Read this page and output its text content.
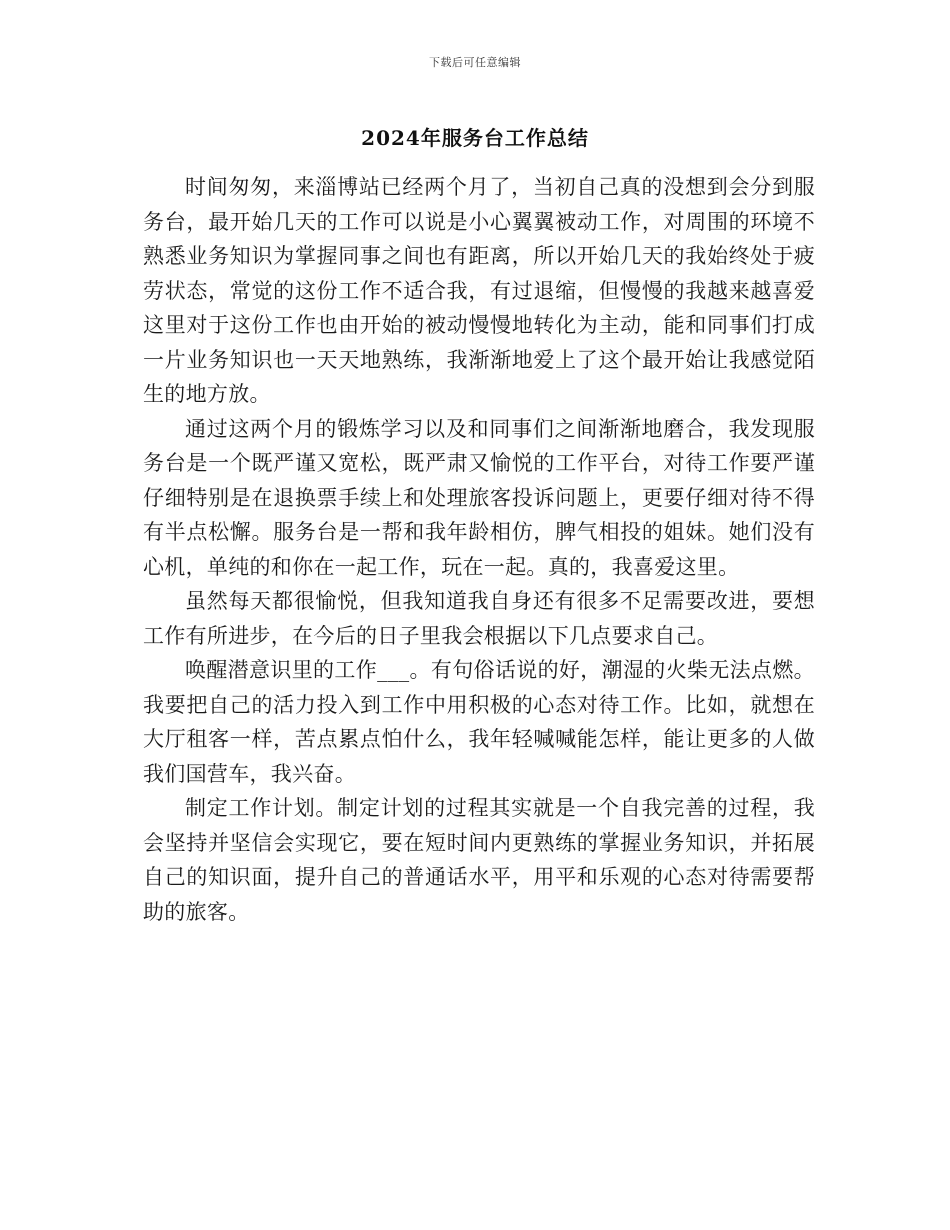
下载后可任意编辑
2024年服务台工作总结

时间匆匆，来淄博站已经两个月了，当初自己真的没想到会分到服务台，最开始几天的工作可以说是小心翼翼被动工作，对周围的环境不熟悉业务知识为掌握同事之间也有距离，所以开始几天的我始终处于疲劳状态，常觉的这份工作不适合我，有过退缩，但慢慢的我越来越喜爱这里对于这份工作也由开始的被动慢慢地转化为主动，能和同事们打成一片业务知识也一天天地熟练，我渐渐地爱上了这个最开始让我感觉陌生的地方放。

通过这两个月的锻炼学习以及和同事们之间渐渐地磨合，我发现服务台是一个既严谨又宽松，既严肃又愉悦的工作平台，对待工作要严谨仔细特别是在退换票手续上和处理旅客投诉问题上，更要仔细对待不得有半点松懈。服务台是一帮和我年龄相仿，脾气相投的姐妹。她们没有心机，单纯的和你在一起工作，玩在一起。真的，我喜爱这里。

虽然每天都很愉悦，但我知道我自身还有很多不足需要改进，要想工作有所进步，在今后的日子里我会根据以下几点要求自己。

唤醒潜意识里的工作___。有句俗话说的好，潮湿的火柴无法点燃。我要把自己的活力投入到工作中用积极的心态对待工作。比如，就想在大厅租客一样，苦点累点怕什么，我年轻喊喊能怎样，能让更多的人做我们国营车，我兴奋。

制定工作计划。制定计划的过程其实就是一个自我完善的过程，我会坚持并坚信会实现它，要在短时间内更熟练的掌握业务知识，并拓展自己的知识面，提升自己的普通话水平，用平和乐观的心态对待需要帮助的旅客。
